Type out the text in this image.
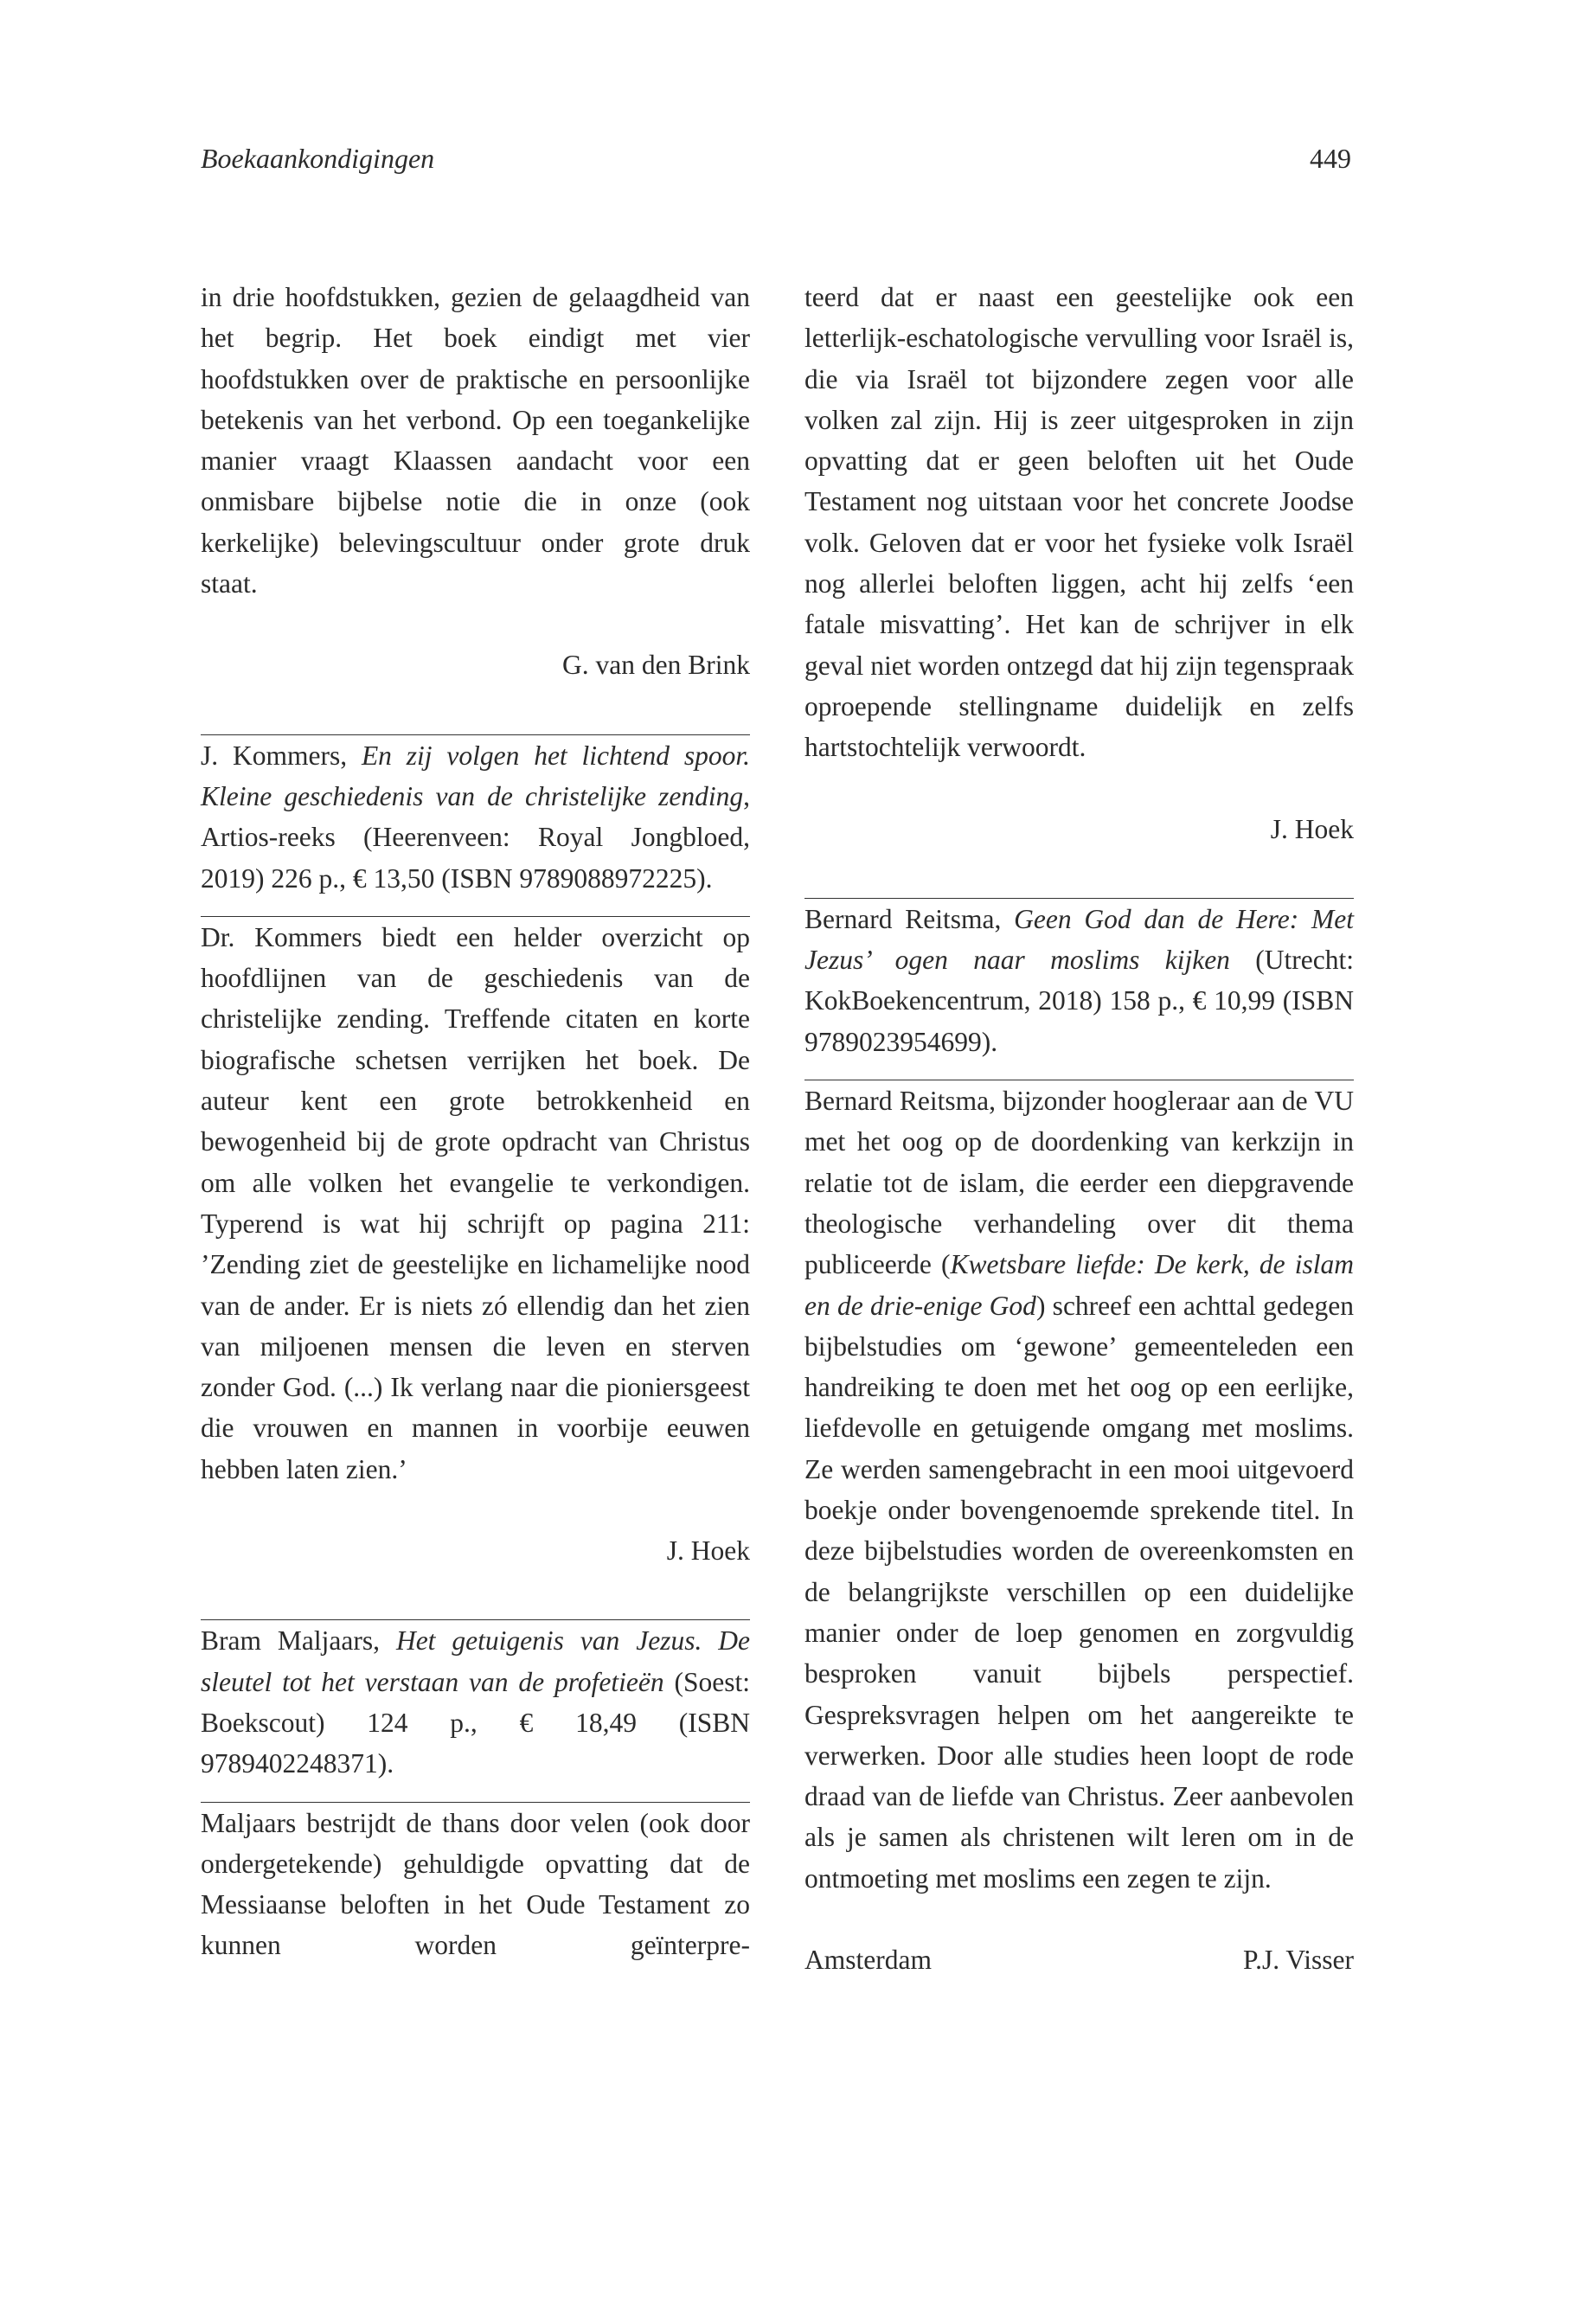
Boekaankondigingen	449

in drie hoofdstukken, gezien de gelaagdheid van het begrip. Het boek eindigt met vier hoofdstukken over de praktische en persoonlijke betekenis van het verbond. Op een toegankelijke manier vraagt Klaassen aandacht voor een onmisbare bijbelse notie die in onze (ook kerkelijke) belevingscultuur onder grote druk staat.

G. van den Brink

J. Kommers, En zij volgen het lichtend spoor. Kleine geschiedenis van de christelijke zending, Artios-reeks (Heerenveen: Royal Jongbloed, 2019) 226 p., € 13,50 (ISBN 9789088972225).

Dr. Kommers biedt een helder overzicht op hoofdlijnen van de geschiedenis van de christelijke zending. Treffende citaten en korte biografische schetsen verrijken het boek. De auteur kent een grote betrokkenheid en bewogenheid bij de grote opdracht van Christus om alle volken het evangelie te verkondigen. Typerend is wat hij schrijft op pagina 211: ’Zending ziet de geestelijke en lichamelijke nood van de ander. Er is niets zó ellendig dan het zien van miljoenen mensen die leven en sterven zonder God. (...) Ik verlang naar die pioniersgeest die vrouwen en mannen in voorbije eeuwen hebben laten zien.’

J. Hoek

Bram Maljaars, Het getuigenis van Jezus. De sleutel tot het verstaan van de profetieën (Soest: Boekscout) 124 p., € 18,49 (ISBN 9789402248371).

Maljaars bestrijdt de thans door velen (ook door ondergetekende) gehuldigde opvatting dat de Messiaanse beloften in het Oude Testament zo kunnen worden geïnterpre-

teerd dat er naast een geestelijke ook een letterlijk-eschatologische vervulling voor Israël is, die via Israël tot bijzondere zegen voor alle volken zal zijn. Hij is zeer uitgesproken in zijn opvatting dat er geen beloften uit het Oude Testament nog uitstaan voor het concrete Joodse volk. Geloven dat er voor het fysieke volk Israël nog allerlei beloften liggen, acht hij zelfs ‘een fatale misvatting’. Het kan de schrijver in elk geval niet worden ontzegd dat hij zijn tegenspraak oproepende stellingname duidelijk en zelfs hartstochtelijk verwoordt.

J. Hoek

Bernard Reitsma, Geen God dan de Here: Met Jezus’ ogen naar moslims kijken (Utrecht: KokBoekencentrum, 2018) 158 p., € 10,99 (ISBN 9789023954699).

Bernard Reitsma, bijzonder hoogleraar aan de VU met het oog op de doordenking van kerkzijn in relatie tot de islam, die eerder een diepgravende theologische verhandeling over dit thema publiceerde (Kwetsbare liefde: De kerk, de islam en de drie-enige God) schreef een achttal gedegen bijbelstudies om ‘gewone’ gemeenteleden een handreiking te doen met het oog op een eerlijke, liefdevolle en getuigende omgang met moslims. Ze werden samengebracht in een mooi uitgevoerd boekje onder bovengenoemde sprekende titel. In deze bijbelstudies worden de overeenkomsten en de belangrijkste verschillen op een duidelijke manier onder de loep genomen en zorgvuldig besproken vanuit bijbels perspectief. Gespreksvragen helpen om het aangereikte te verwerken. Door alle studies heen loopt de rode draad van de liefde van Christus. Zeer aanbevolen als je samen als christenen wilt leren om in de ontmoeting met moslims een zegen te zijn.

Amsterdam	P.J. Visser
